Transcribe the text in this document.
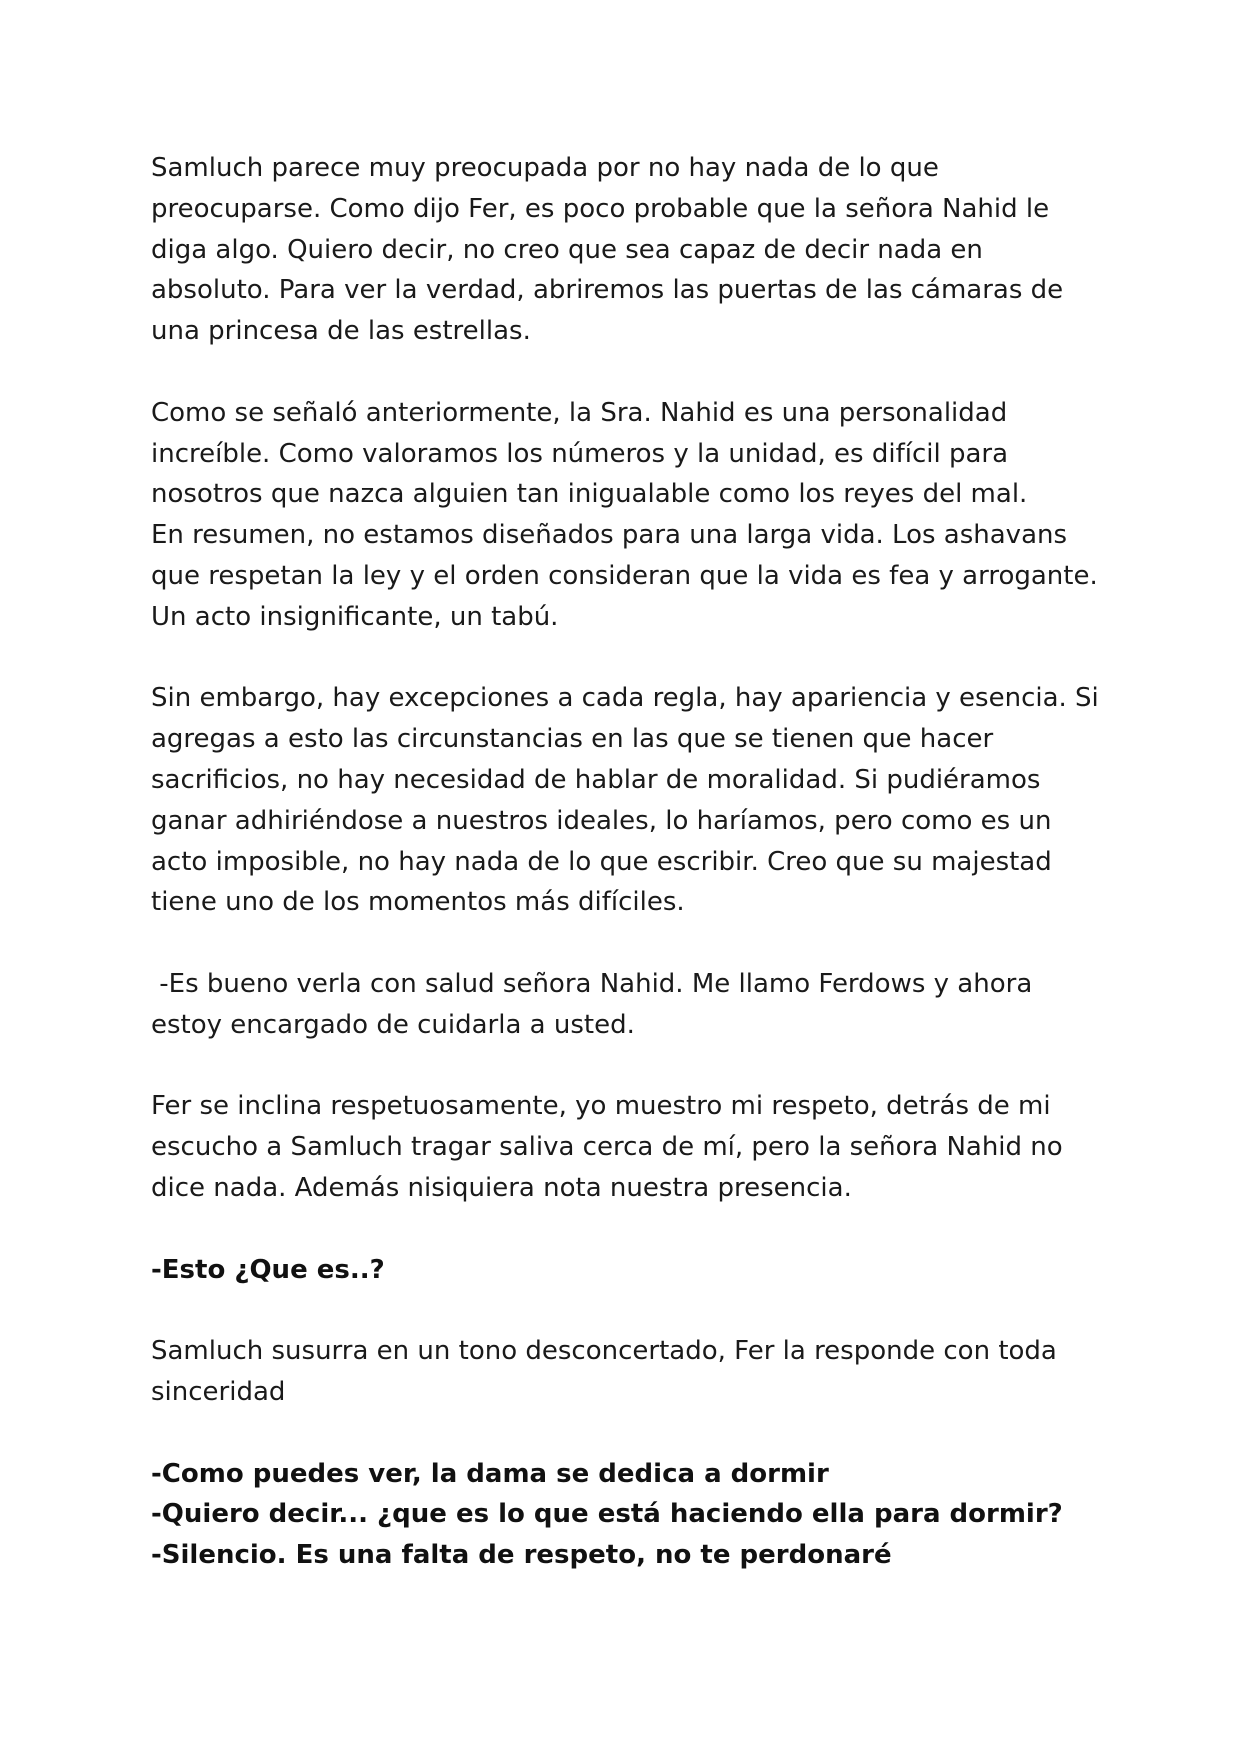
Samluch parece muy preocupada por no hay nada de lo que
preocuparse. Como dijo Fer, es poco probable que la señora Nahid le
diga algo. Quiero decir, no creo que sea capaz de decir nada en
absoluto. Para ver la verdad, abriremos las puertas de las cámaras de
una princesa de las estrellas.
Como se señaló anteriormente, la Sra. Nahid es una personalidad
increíble. Como valoramos los números y la unidad, es difícil para
nosotros que nazca alguien tan inigualable como los reyes del mal.
En resumen, no estamos diseñados para una larga vida. Los ashavans
que respetan la ley y el orden consideran que la vida es fea y arrogante.
Un acto insignificante, un tabú.
Sin embargo, hay excepciones a cada regla, hay apariencia y esencia. Si
agregas a esto las circunstancias en las que se tienen que hacer
sacrificios, no hay necesidad de hablar de moralidad. Si pudiéramos
ganar adhiriéndose a nuestros ideales, lo haríamos, pero como es un
acto imposible, no hay nada de lo que escribir. Creo que su majestad
tiene uno de los momentos más difíciles.
-Es bueno verla con salud señora Nahid. Me llamo Ferdows y ahora
estoy encargado de cuidarla a usted.
Fer se inclina respetuosamente, yo muestro mi respeto, detrás de mi
escucho a Samluch tragar saliva cerca de mí, pero la señora Nahid no
dice nada. Además nisiquiera nota nuestra presencia.
-Esto ¿Que es..?
Samluch susurra en un tono desconcertado, Fer la responde con toda
sinceridad
-Como puedes ver, la dama se dedica a dormir
-Quiero decir... ¿que es lo que está haciendo ella para dormir?
-Silencio. Es una falta de respeto, no te perdonaré
